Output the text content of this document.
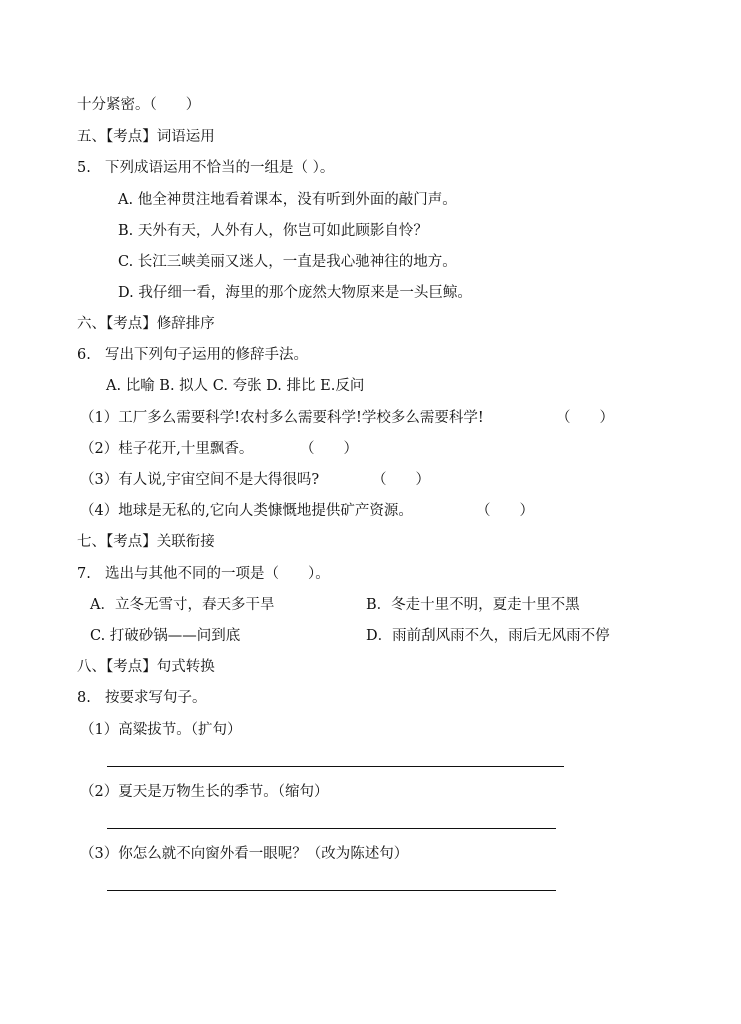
十分紧密。（　　）
五、【考点】词语运用
5. 下列成语运用不恰当的一组是（ ）。
A. 他全神贯注地看着课本，没有听到外面的敲门声。
B. 天外有天，人外有人，你岂可如此顾影自怜？
C. 长江三峡美丽又迷人，一直是我心驰神往的地方。
D. 我仔细一看，海里的那个庞然大物原来是一头巨鲸。
六、【考点】修辞排序
6. 写出下列句子运用的修辞手法。
A. 比喻 B. 拟人 C. 夸张 D. 排比 E.反问
（1）工厂多么需要科学!农村多么需要科学!学校多么需要科学!	（　　）
（2）桂子花开,十里飘香。	（　　）
（3）有人说,宇宙空间不是大得很吗?	（　　）
（4）地球是无私的,它向人类慷慨地提供矿产资源。	（　　）
七、【考点】关联衔接
7. 选出与其他不同的一项是（　　）。
A．立冬无雪寸，春天多干旱	B．冬走十里不明，夏走十里不黑
C. 打破砂锅——问到底	D．雨前刮风雨不久，雨后无风雨不停
八、【考点】句式转换
8. 按要求写句子。
（1）高粱拔节。（扩句）
（2）夏天是万物生长的季节。（缩句）
（3）你怎么就不向窗外看一眼呢？（改为陈述句）
